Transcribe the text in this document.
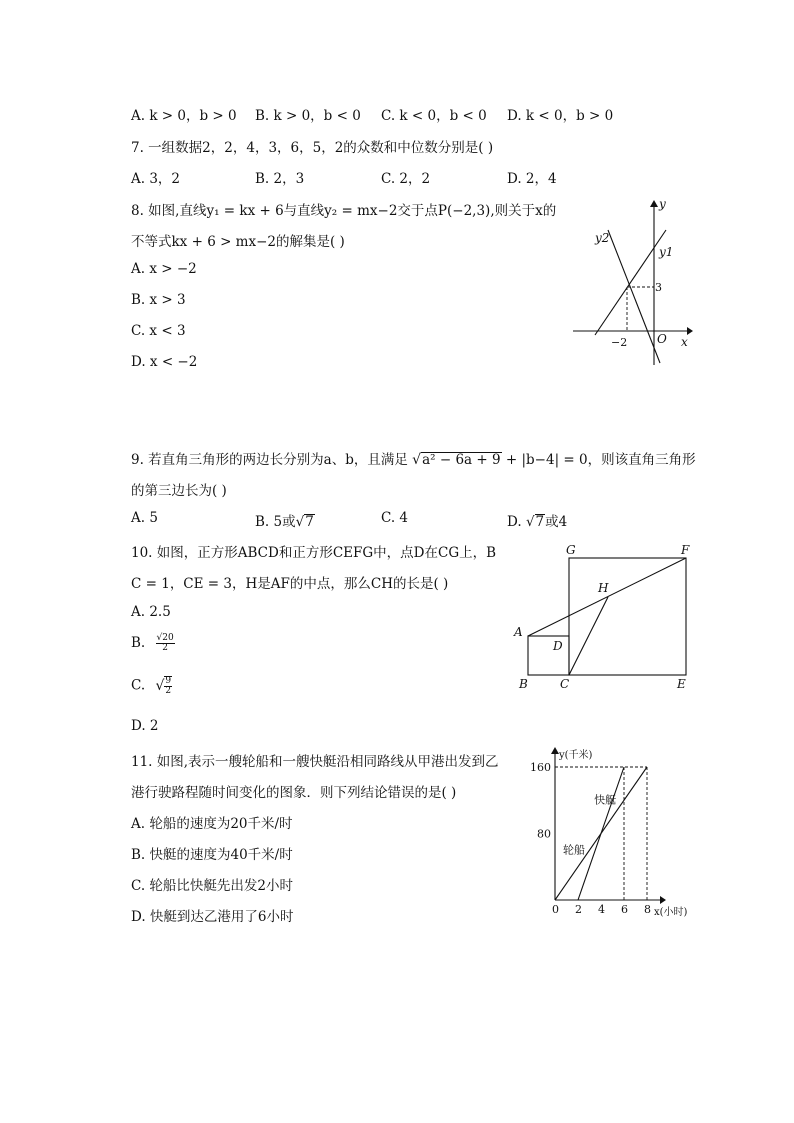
A. k > 0，b > 0 B. k > 0，b < 0 C. k < 0，b < 0 D. k < 0，b > 0
7. 一组数据2，2，4，3，6，5，2的众数和中位数分别是( )
A. 3，2	B. 2，3	C. 2，2	D. 2，4
8. 如图,直线y₁ = kx + 6与直线y₂ = mx−2交于点P(−2,3),则关于x的
不等式kx + 6 > mx−2的解集是( )
A. x > −2
B. x > 3
C. x < 3
D. x < −2
y
x
O
y1
y2
3
−2
9. 若直角三角形的两边长分别为a、b，且满足 √a² − 6a + 9 + |b−4| = 0，则该直角三角形
的第三边长为( )
A. 5	B. 5或√7	C. 4	D. √7或4
10. 如图，正方形ABCD和正方形CEFG中，点D在CG上，B
C = 1，CE = 3，H是AF的中点，那么CH的长是( )
A. 2.5
B. $\frac{√20}{2}$
C. √ $\frac{9}{2}$
D. 2
G	F
H
A
D
B	C	E
11. 如图,表示一艘轮船和一艘快艇沿相同路线从甲港出发到乙
港行驶路程随时间变化的图象．则下列结论错误的是( )
A. 轮船的速度为20千米/时
B. 快艇的速度为40千米/时
C. 轮船比快艇先出发2小时
D. 快艇到达乙港用了6小时
y(千米)
x(小时)
轮船
快艇
0 2 4 6 8
80
160
